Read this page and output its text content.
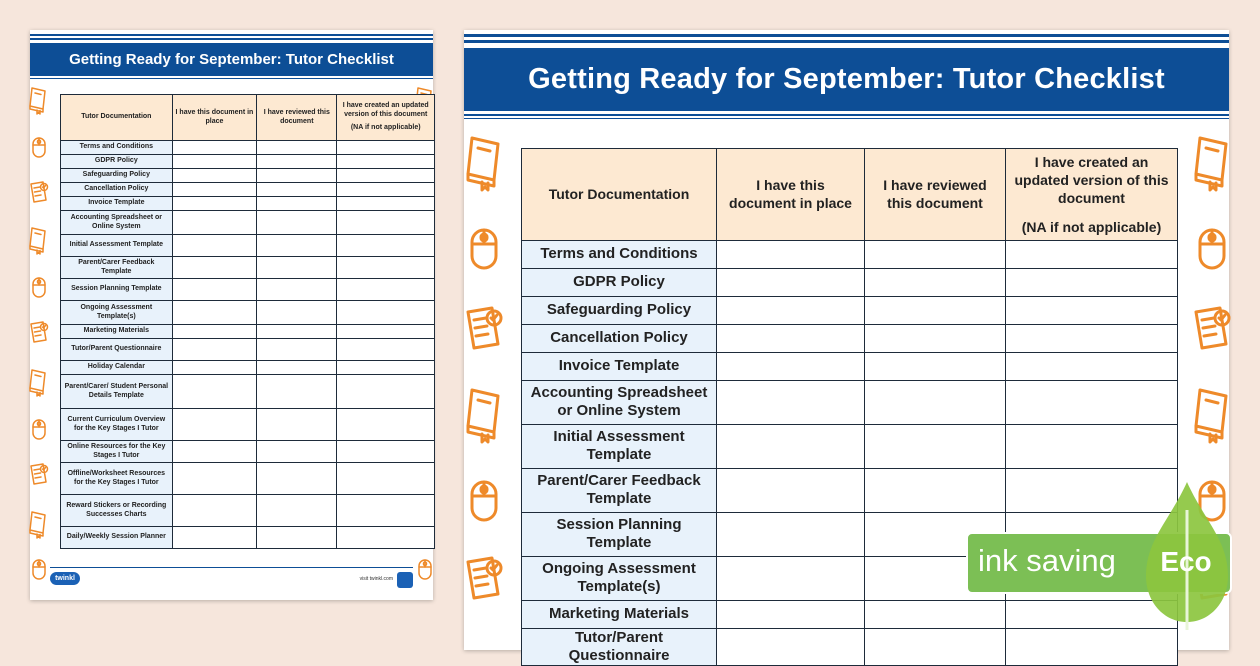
Getting Ready for September: Tutor Checklist
Tutor Documentation	I have this document in place	I have reviewed this document	I have created an updated version of this document
(NA if not applicable)

Terms and Conditions			
GDPR Policy			
Safeguarding Policy			
Cancellation Policy			
Invoice Template			
Accounting Spreadsheet or Online System			
Initial Assessment Template			
Parent/Carer Feedback Template			
Session Planning Template			
Ongoing Assessment Template(s)			
Marketing Materials			
Tutor/Parent Questionnaire			
Holiday Calendar			
Parent/Carer/ Student Personal Details Template			
Current Curriculum Overview for the Key Stages I Tutor			
Online Resources for the Key Stages I Tutor			
Offline/Worksheet Resources for the Key Stages I Tutor			
Reward Stickers or Recording Successes Charts			
Daily/Weekly Session Planner			
twinkl	visit twinkl.com
Getting Ready for September: Tutor Checklist
Tutor Documentation	I have this document in place	I have reviewed this document	I have created an updated version of this document
(NA if not applicable)

Terms and Conditions			
GDPR Policy			
Safeguarding Policy			
Cancellation Policy			
Invoice Template			
Accounting Spreadsheet or Online System			
Initial Assessment Template			
Parent/Carer Feedback Template			
Session Planning Template			
Ongoing Assessment Template(s)			
Marketing Materials			
Tutor/Parent Questionnaire			
ink saving	Eco
